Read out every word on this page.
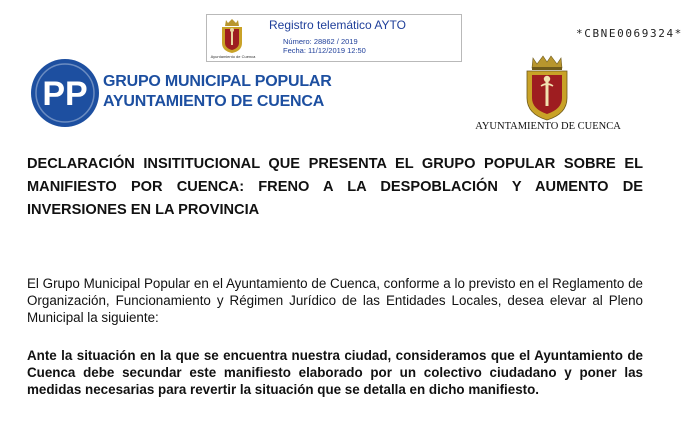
Ayuntamiento de Cuenca
Registro telemático AYTO
Número: 28862 / 2019
Fecha: 11/12/2019 12:50
*CBNE0069324*
PP GRUPO MUNICIPAL POPULAR
AYUNTAMIENTO DE CUENCA
AYUNTAMIENTO DE CUENCA
DECLARACIÓN INSITITUCIONAL QUE PRESENTA EL GRUPO POPULAR SOBRE EL MANIFIESTO POR CUENCA: FRENO A LA DESPOBLACIÓN Y AUMENTO DE INVERSIONES EN LA PROVINCIA

El Grupo Municipal Popular en el Ayuntamiento de Cuenca, conforme a lo previsto en el Reglamento de Organización, Funcionamiento y Régimen Jurídico de las Entidades Locales, desea elevar al Pleno Municipal la siguiente:

Ante la situación en la que se encuentra nuestra ciudad, consideramos que el Ayuntamiento de Cuenca debe secundar este manifiesto elaborado por un colectivo ciudadano y poner las medidas necesarias para revertir la situación que se detalla en dicho manifiesto.
